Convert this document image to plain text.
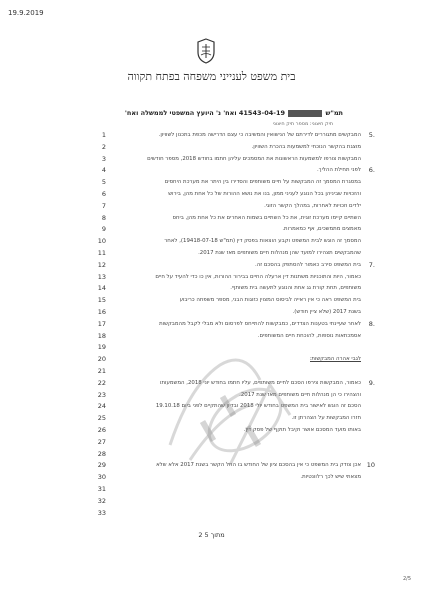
19.9.2019
בית משפט לענייני משפחה בפתח תקווה
תמ"ש  41543-04-19 ואח' נ' היועץ המשפטי לממשלה ואח'
תיק חיצוני: מספר תיק חיצוני
1
2
3
4
5
6
7
8
9
10
11
12
13
14
15
16
17
18
19
20
21
22
23
24
25
26
27
28
29
30
31
32
33
המבקשים מתגוררים לדירתם של הנישואין והמשיבה כי עצם הדרישה מכפת בתכנון לשוויון.
מוצגת בהקשר הנוכחי למשמעות בהכרת השוויון.
המבקשות צורפו למשמעות הראשונות את המסמכים עליהן חתמו בחודש 2018, מספר חודשים
לפני תחילת ההליך.
במסגרת המסמך זה המבקשות על חיים משותפים והסדירו בין היתר את מערכת היחסים
והזכויות שביניהן בכל הנוגע לעניני ממון, בנו את נושא ההורות של כל אחת מהן, בירוש
ילדים וזכויות לאחרות, במהלך הקשר הזוגי.
השתיים קיימו מערכת זוגית, את כל השתיים בשמות האחרים את כל אחת מהן, ביחס
מאמצים מתמשכים, אף כמאמרות.
המסמך זה הוגש לבית המשפט וקבע הוצאות בפסק דין (תמ"ש 19418-07-18), לאחר
שהמבקשים תצהירו למועד שהן מנהלות חיים משותפים מאז שנת 2017.
בית המשפט סירב כאמור להסתפק בהסכם זה.
כאמור, היות והתוכניות משתנות דין ארעלה החיים בבירור ההורות, אין כו כדי להעיד על חיים
משותפים, תחת קורת גג אחת והנוגע לתעשה בית משותף.
בית המשפט ראה כי אין ראייה לביסוס המצוין כזוגות הבני, מספר משפחה כריבוע
בשנת 2017 (שלא ציין חודש).
לאחר שעיינתי בטענות הצדדים, כמבקשות להתייחס לפרסום ולא מבלי לקבל מהמבקשות
אסמכתאות נוספות, להוכחת חיים המשותפים.
לגבי אהרה המבקשות:
כאמור, המבקשות צירפו הסכם לחיים משותפים, עליו חתמו בחודש יוני 2018, המשמעותו
והצהירו כי הן מנהלות חיים משותפים מאז שנת 2017.
הסכם זה הוגש לאישור בית המשפט בחודש יולי 2018 ובדיון שהתקיים לפני ביום 19.10.18
חזרו המבקשות על הצהרתן זו.
באותו מועד המסכם אושר וקיבל תוקף של פסק דין.
אכן צודק בית המשפט כי אין בהסכם ציון של החודש בו החל הקשר בשנת 2017 אלא שלא
מצאתי שיש לכך רלוונטיות.
5.
6.
7.
8.
9.
10
2 מתוך 5
2/5
